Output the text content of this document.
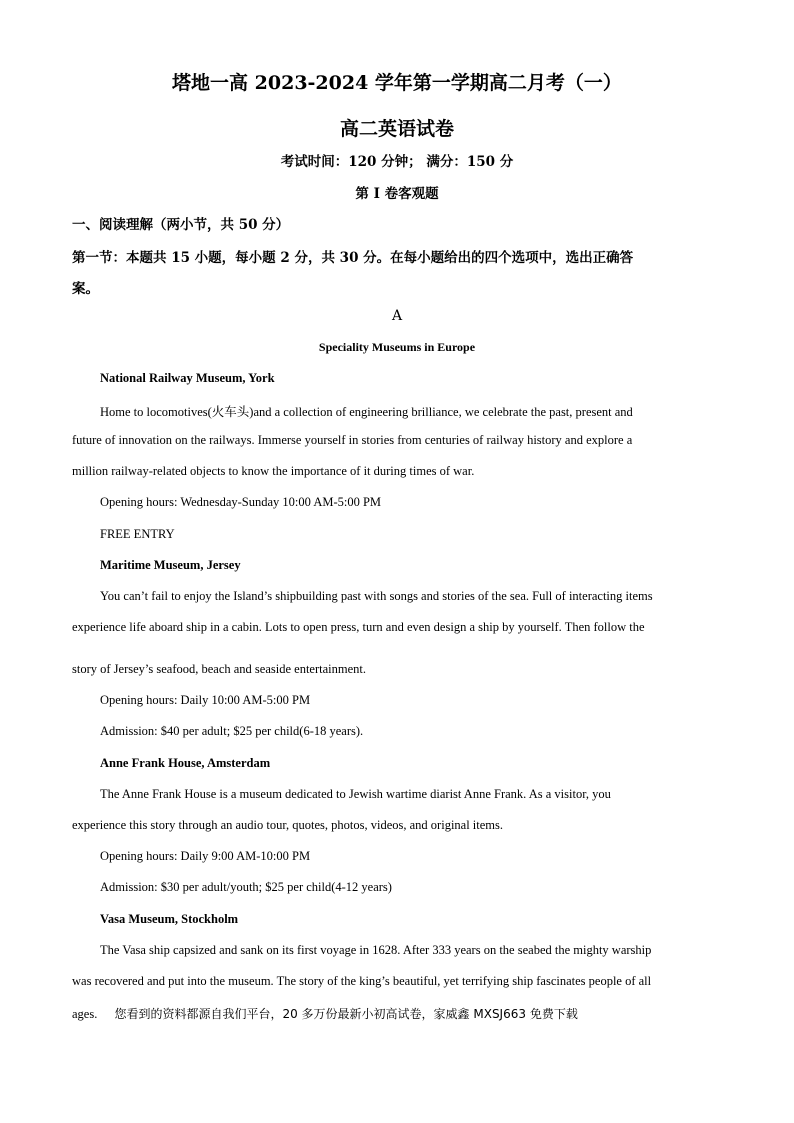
塔地一高 2023-2024 学年第一学期高二月考（一）
高二英语试卷
考试时间：120 分钟； 满分：150 分
第 I 卷客观题
一、阅读理解（两小节，共 50 分）
第一节：本题共 15 小题，每小题 2 分，共 30 分。在每小题给出的四个选项中，选出正确答
案。
A
Speciality Museums in Europe
National Railway Museum, York
Home to locomotives(火车头)and a collection of engineering brilliance, we celebrate the past, present and
future of innovation on the railways. Immerse yourself in stories from centuries of railway history and explore a
million railway-related objects to know the importance of it during times of war.
Opening hours: Wednesday-Sunday 10:00 AM-5:00 PM
FREE ENTRY
Maritime Museum, Jersey
You can’t fail to enjoy the Island’s shipbuilding past with songs and stories of the sea. Full of interacting items
experience life aboard ship in a cabin. Lots to open press, turn and even design a ship by yourself. Then follow the
story of Jersey’s seafood, beach and seaside entertainment.
Opening hours: Daily 10:00 AM-5:00 PM
Admission: $40 per adult; $25 per child(6-18 years).
Anne Frank House, Amsterdam
The Anne Frank House is a museum dedicated to Jewish wartime diarist Anne Frank. As a visitor, you
experience this story through an audio tour, quotes, photos, videos, and original items.
Opening hours: Daily 9:00 AM-10:00 PM
Admission: $30 per adult/youth; $25 per child(4-12 years)
Vasa Museum, Stockholm
The Vasa ship capsized and sank on its first voyage in 1628. After 333 years on the seabed the mighty warship
was recovered and put into the museum. The story of the king’s beautiful, yet terrifying ship fascinates people of all
ages. 您看到的资料都源自我们平台，20 多万份最新小初高试卷，家威鑫 MXSJ663 免费下载
